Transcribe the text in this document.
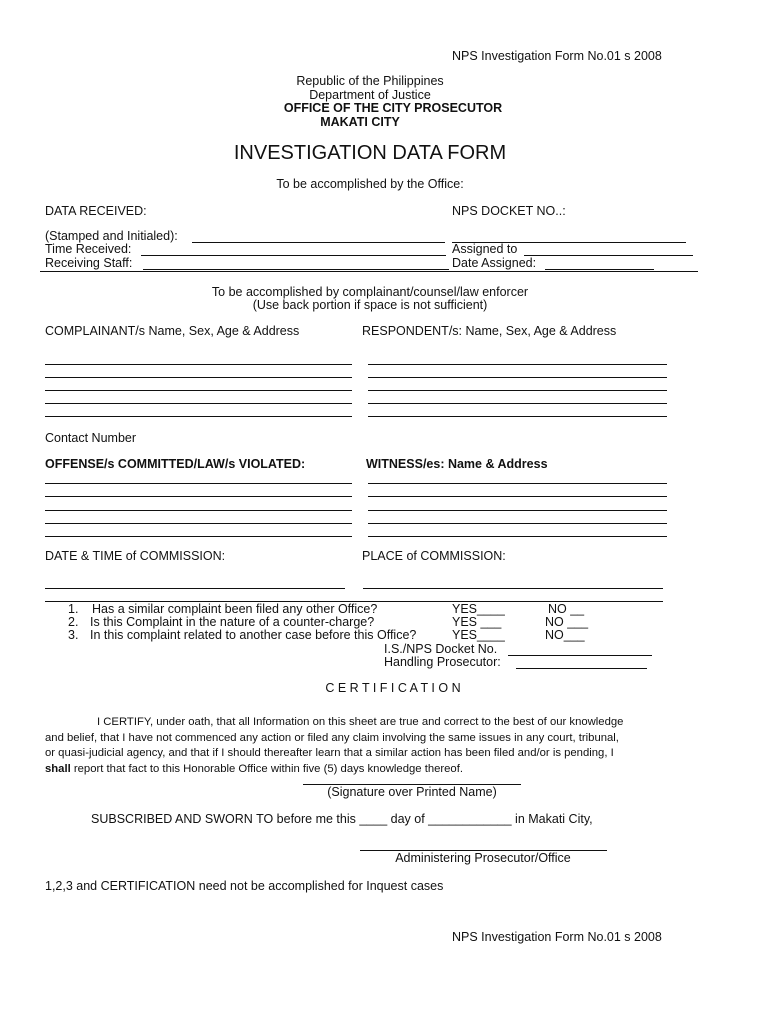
NPS Investigation Form No.01 s 2008
Republic of the Philippines
Department of Justice
OFFICE OF THE CITY PROSECUTOR
MAKATI CITY
INVESTIGATION DATA FORM
To be accomplished by the Office:
DATA RECEIVED:	NPS DOCKET NO..:
(Stamped and Initialed):
Time Received:
Receiving Staff:
Assigned to
Date Assigned:
To be accomplished by complainant/counsel/law enforcer
(Use back portion if space is not sufficient)
COMPLAINANT/s Name, Sex, Age & Address	RESPONDENT/s: Name, Sex, Age & Address
Contact Number
OFFENSE/s COMMITTED/LAW/s VIOLATED:	WITNESS/es: Name & Address
DATE & TIME of COMMISSION:	PLACE of COMMISSION:
1. Has a similar complaint been filed any other Office?	YES____	NO __
2. Is this Complaint in the nature of a counter-charge?	YES ___	NO ___
3. In this complaint related to another case before this Office?	YES____	NO___
I.S./NPS Docket No.
Handling Prosecutor:
C E R T I F I C A T I O N
I CERTIFY, under oath, that all Information on this sheet are true and correct to the best of our knowledge
and belief, that I have not commenced any action or filed any claim involving the same issues in any court, tribunal,
or quasi-judicial agency, and that if I should thereafter learn that a similar action has been filed and/or is pending, I
shall report that fact to this Honorable Office within five (5) days knowledge thereof.
(Signature over Printed Name)
SUBSCRIBED AND SWORN TO before me this ____ day of ____________ in Makati City,
Administering Prosecutor/Office
1,2,3 and CERTIFICATION need not be accomplished for Inquest cases
NPS Investigation Form No.01 s 2008
